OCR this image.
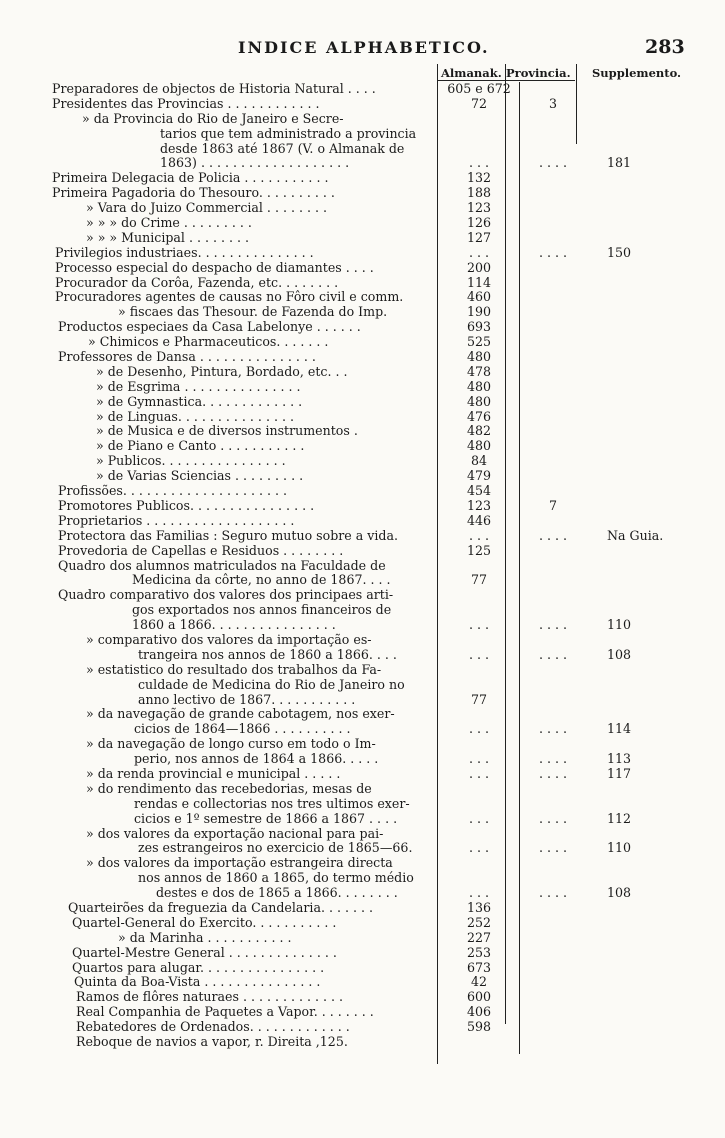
INDICE ALPHABETICO.	283
Almanak. Provincia. Supplemento.
Preparadores de objectos de Historia Natural . . . .	605 e 672
Presidentes das Provincias . . . . . . . . . . . .	72	3
» da Provincia do Rio de Janeiro e Secre-
tarios que tem administrado a provincia
desde 1863 até 1867 (V. o Almanak de
1863) . . . . . . . . . . . . . . . . . . .	. . .	. . . .	181
Primeira Delegacia de Policia . . . . . . . . . . .	132
Primeira Pagadoria do Thesouro. . . . . . . . . .	188
» Vara do Juizo Commercial . . . . . . . .	123
» » » do Crime . . . . . . . . .	126
» » » Municipal . . . . . . . .	127
Privilegios industriaes. . . . . . . . . . . . . . .	. . .	. . . .	150
Processo especial do despacho de diamantes . . . .	200
Procurador da Corôa, Fazenda, etc. . . . . . . .	114
Procuradores agentes de causas no Fôro civil e comm.	460
» fiscaes das Thesour. de Fazenda do Imp.	190
Productos especiaes da Casa Labelonye . . . . . .	693
» Chimicos e Pharmaceuticos. . . . . . .	525
Professores de Dansa . . . . . . . . . . . . . . .	480
» de Desenho, Pintura, Bordado, etc. . .	478
» de Esgrima . . . . . . . . . . . . . . .	480
» de Gymnastica. . . . . . . . . . . . .	480
» de Linguas. . . . . . . . . . . . . . .	476
» de Musica e de diversos instrumentos .	482
» de Piano e Canto . . . . . . . . . . .	480
» Publicos. . . . . . . . . . . . . . . .	84
» de Varias Sciencias . . . . . . . . .	479
Profissões. . . . . . . . . . . . . . . . . . . . .	454
Promotores Publicos. . . . . . . . . . . . . . . .	123	7
Proprietarios . . . . . . . . . . . . . . . . . . .	446
Protectora das Familias : Seguro mutuo sobre a vida.	. . .	. . . .	Na Guia.
Provedoria de Capellas e Residuos . . . . . . . .	125
Quadro dos alumnos matriculados na Faculdade de
Medicina da côrte, no anno de 1867. . . .	77
Quadro comparativo dos valores dos principaes arti-
gos exportados nos annos financeiros de
1860 a 1866. . . . . . . . . . . . . . . .	. . .	. . . .	110
» comparativo dos valores da importação es-
trangeira nos annos de 1860 a 1866. . . .	. . .	. . . .	108
» estatistico do resultado dos trabalhos da Fa-
culdade de Medicina do Rio de Janeiro no
anno lectivo de 1867. . . . . . . . . . .	77
» da navegação de grande cabotagem, nos exer-
cicios de 1864—1866 . . . . . . . . . .	. . .	. . . .	114
» da navegação de longo curso em todo o Im-
perio, nos annos de 1864 a 1866. . . . .	. . .	. . . .	113
» da renda provincial e municipal . . . . .	. . .	. . . .	117
» do rendimento das recebedorias, mesas de
rendas e collectorias nos tres ultimos exer-
cicios e 1º semestre de 1866 a 1867 . . . .	. . .	. . . .	112
» dos valores da exportação nacional para pai-
zes estrangeiros no exercicio de 1865—66.	. . .	. . . .	110
» dos valores da importação estrangeira directa
nos annos de 1860 a 1865, do termo médio
destes e dos de 1865 a 1866. . . . . . . .	. . .	. . . .	108
Quarteirões da freguezia da Candelaria. . . . . . .	136
Quartel-General do Exercito. . . . . . . . . . .	252
» da Marinha . . . . . . . . . . .	227
Quartel-Mestre General . . . . . . . . . . . . . .	253
Quartos para alugar. . . . . . . . . . . . . . . .	673
Quinta da Boa-Vista . . . . . . . . . . . . . . .	42
Ramos de flôres naturaes . . . . . . . . . . . . .	600
Real Companhia de Paquetes a Vapor. . . . . . . .	406
Rebatedores de Ordenados. . . . . . . . . . . . .	598
Reboque de navios a vapor, r. Direita ,125.
